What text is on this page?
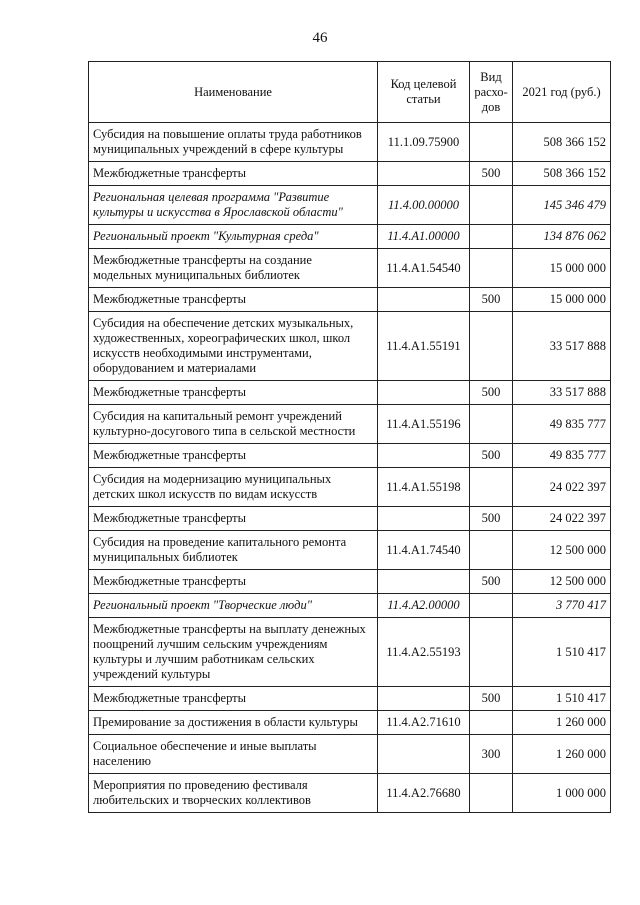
46
Наименование	Код целевой статьи	Вид расхо-дов	2021 год (руб.)
Субсидия на повышение оплаты труда работников муниципальных учреждений в сфере культуры	11.1.09.75900		508 366 152
Межбюджетные трансферты		500	508 366 152
Региональная целевая программа "Развитие культуры и искусства в Ярославской области"	11.4.00.00000		145 346 479
Региональный проект "Культурная среда"	11.4.А1.00000		134 876 062
Межбюджетные трансферты на создание модельных муниципальных библиотек	11.4.А1.54540		15 000 000
Межбюджетные трансферты		500	15 000 000
Субсидия на обеспечение детских музыкальных, художественных, хореографических школ, школ искусств необходимыми инструментами, оборудованием и материалами	11.4.А1.55191		33 517 888
Межбюджетные трансферты		500	33 517 888
Субсидия на капитальный ремонт учреждений культурно-досугового типа в сельской местности	11.4.А1.55196		49 835 777
Межбюджетные трансферты		500	49 835 777
Субсидия на модернизацию муниципальных детских школ искусств по видам искусств	11.4.А1.55198		24 022 397
Межбюджетные трансферты		500	24 022 397
Субсидия на проведение капитального ремонта муниципальных библиотек	11.4.А1.74540		12 500 000
Межбюджетные трансферты		500	12 500 000
Региональный проект "Творческие люди"	11.4.А2.00000		3 770 417
Межбюджетные трансферты на выплату денежных поощрений лучшим сельским учреждениям культуры и лучшим работникам сельских учреждений культуры	11.4.А2.55193		1 510 417
Межбюджетные трансферты		500	1 510 417
Премирование за достижения в области культуры	11.4.А2.71610		1 260 000
Социальное обеспечение и иные выплаты населению		300	1 260 000
Мероприятия по проведению фестиваля любительских и творческих коллективов	11.4.А2.76680		1 000 000
